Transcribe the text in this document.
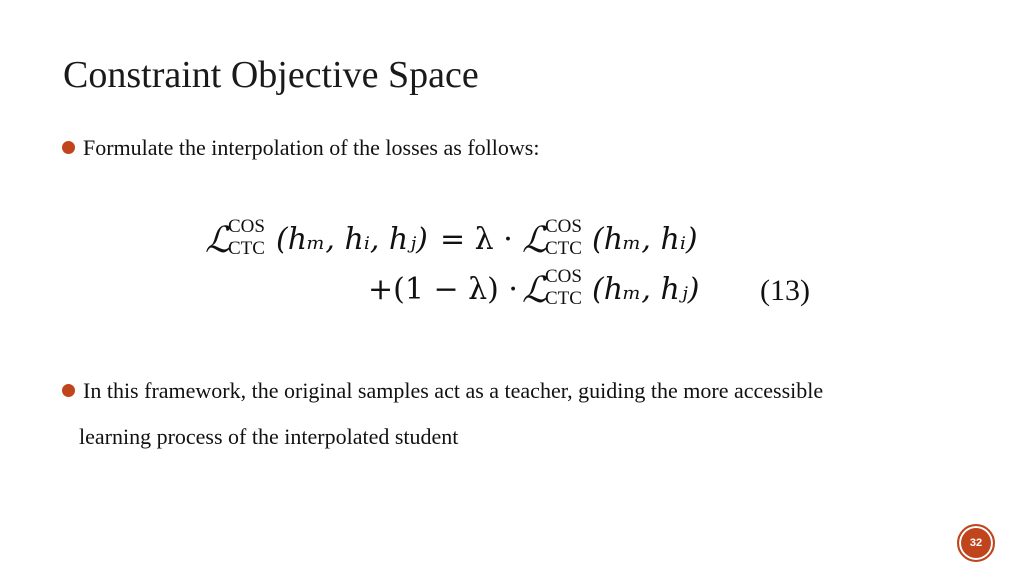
Constraint Objective Space
Formulate the interpolation of the losses as follows:
ℒ
COS
CTC (hₘ, hᵢ, hⱼ) = λ · ℒ
COS
CTC (hₘ, hᵢ)
+(1 − λ) · ℒ
COS
CTC (hₘ, hⱼ) (13)
In this framework, the original samples act as a teacher, guiding the more accessible
learning process of the interpolated student
32
